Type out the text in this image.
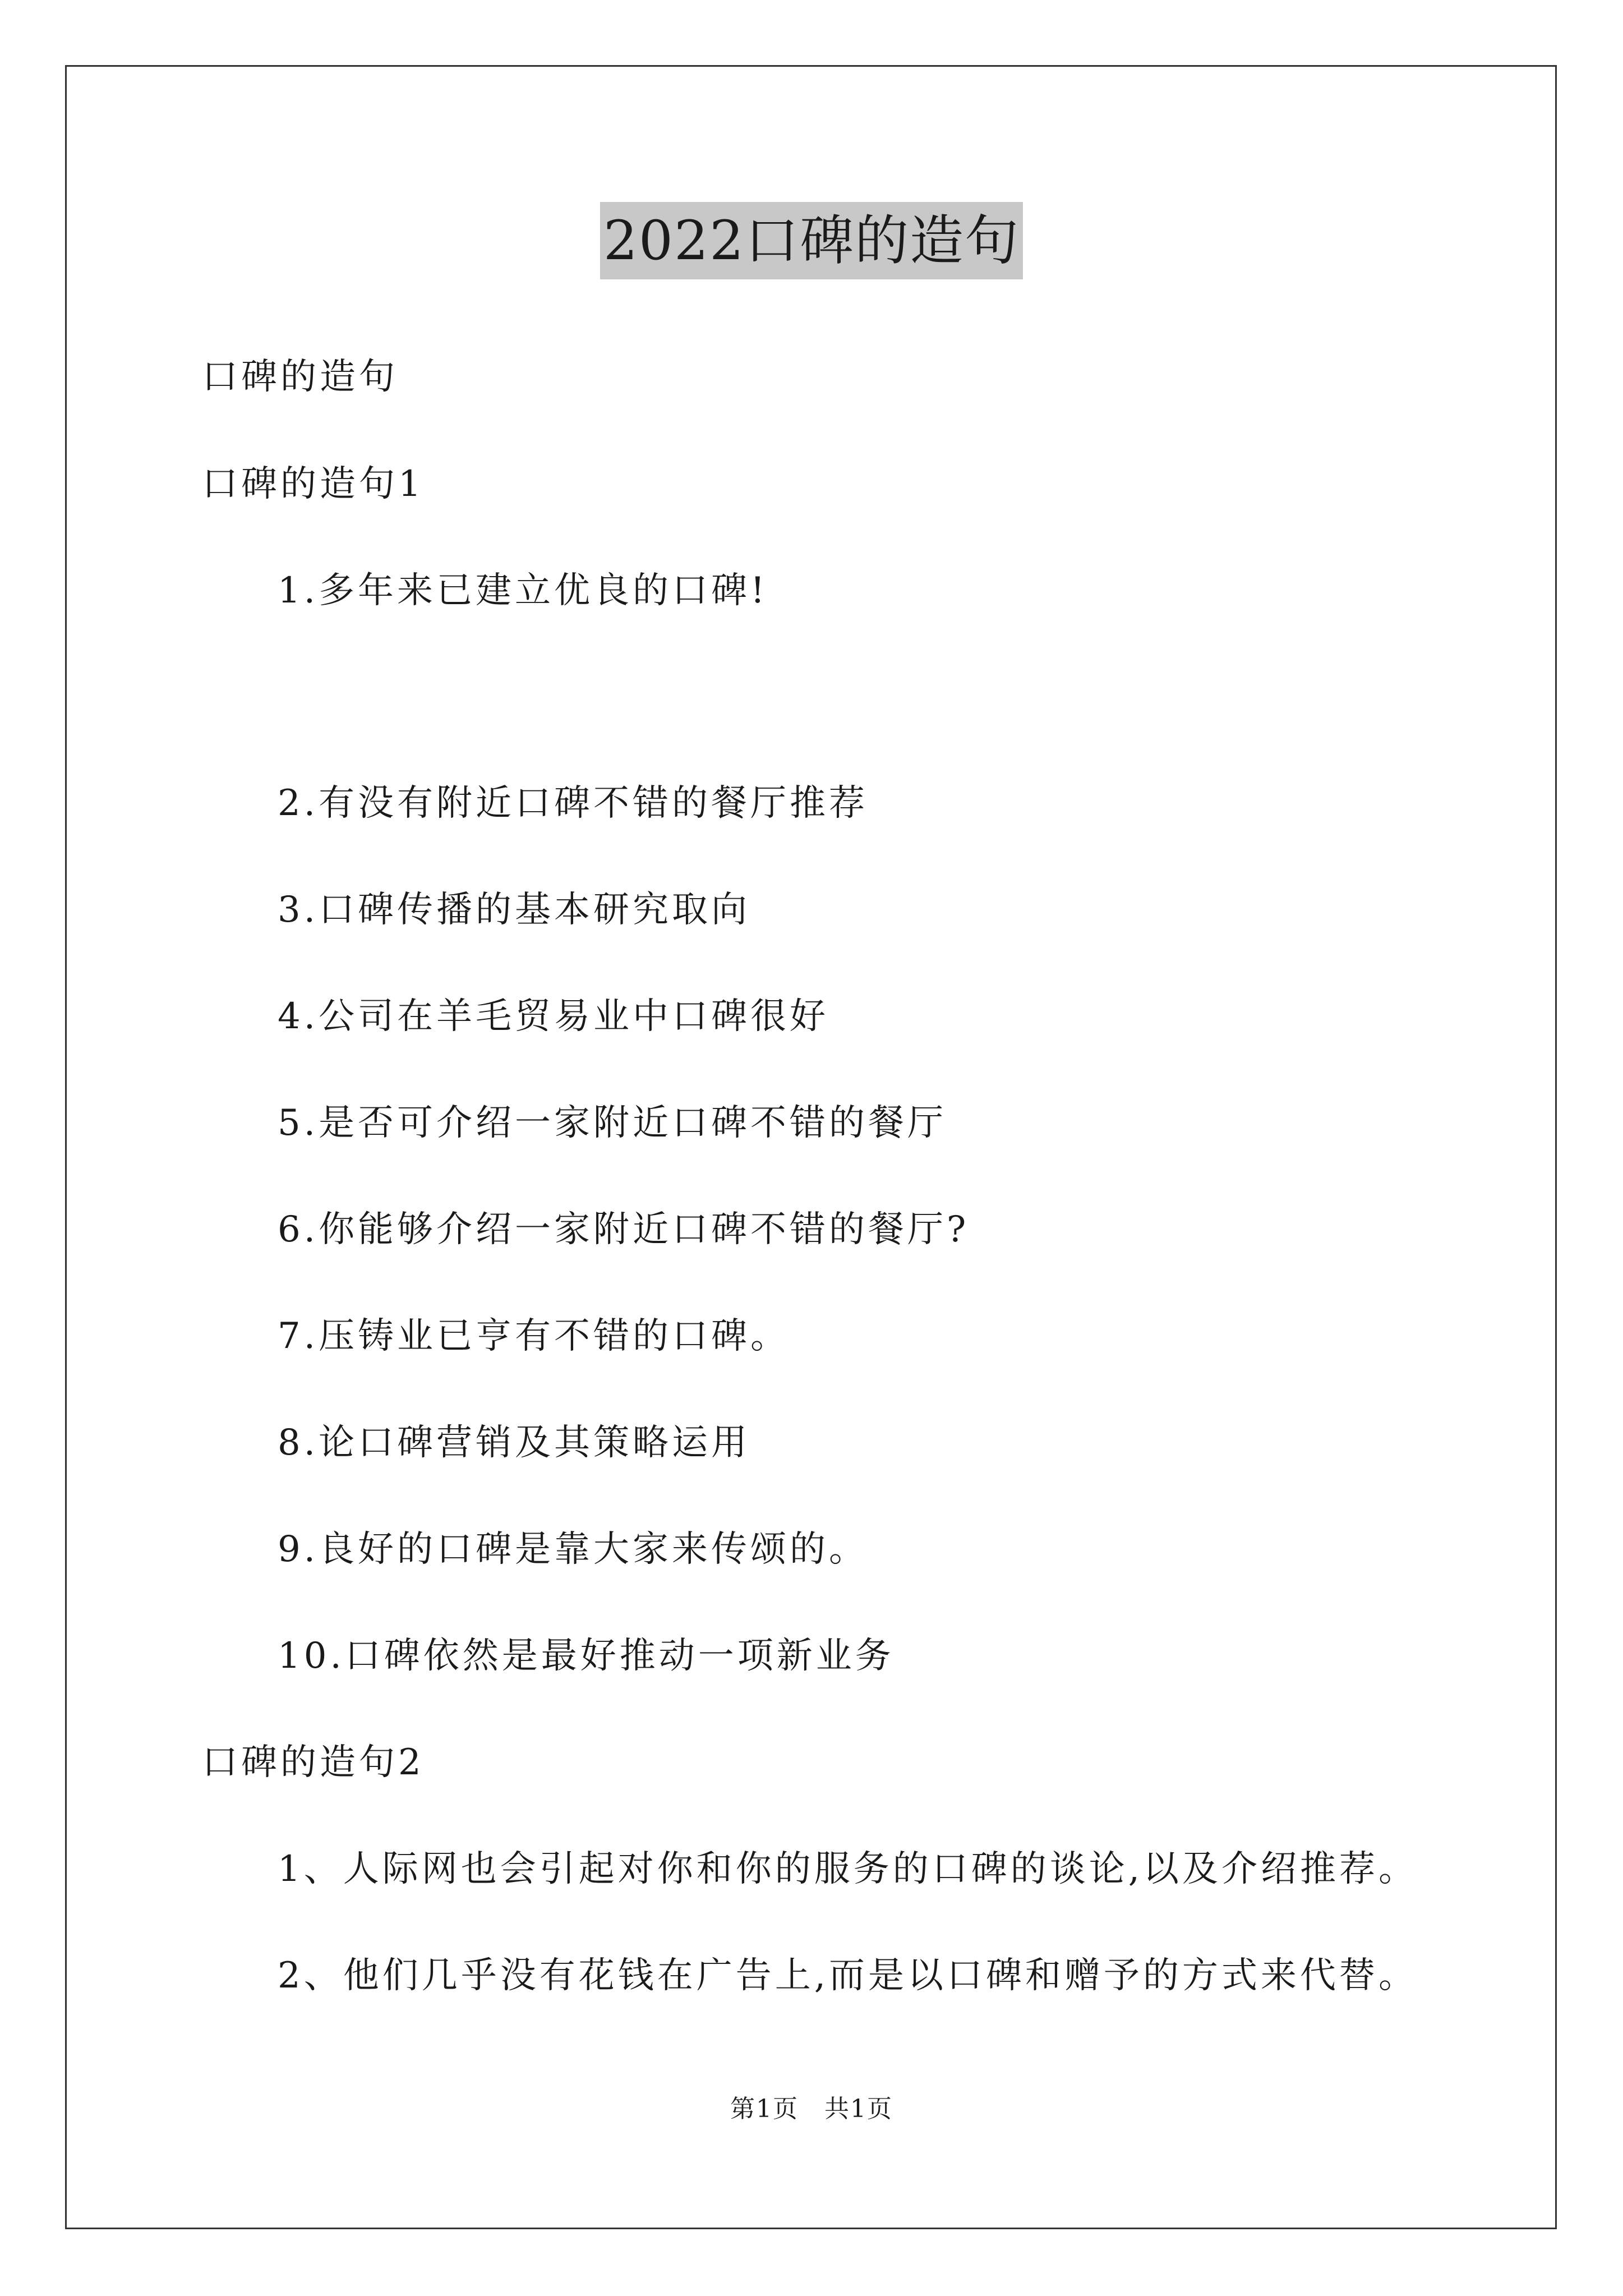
2022口碑的造句
口碑的造句
口碑的造句1
1.多年来已建立优良的口碑!
2.有没有附近口碑不错的餐厅推荐
3.口碑传播的基本研究取向
4.公司在羊毛贸易业中口碑很好
5.是否可介绍一家附近口碑不错的餐厅
6.你能够介绍一家附近口碑不错的餐厅?
7.压铸业已亨有不错的口碑。
8.论口碑营销及其策略运用
9.良好的口碑是靠大家来传颂的。
10.口碑依然是最好推动一项新业务
口碑的造句2
1、人际网也会引起对你和你的服务的口碑的谈论,以及介绍推荐。
2、他们几乎没有花钱在广告上,而是以口碑和赠予的方式来代替。
第1页　共1页
